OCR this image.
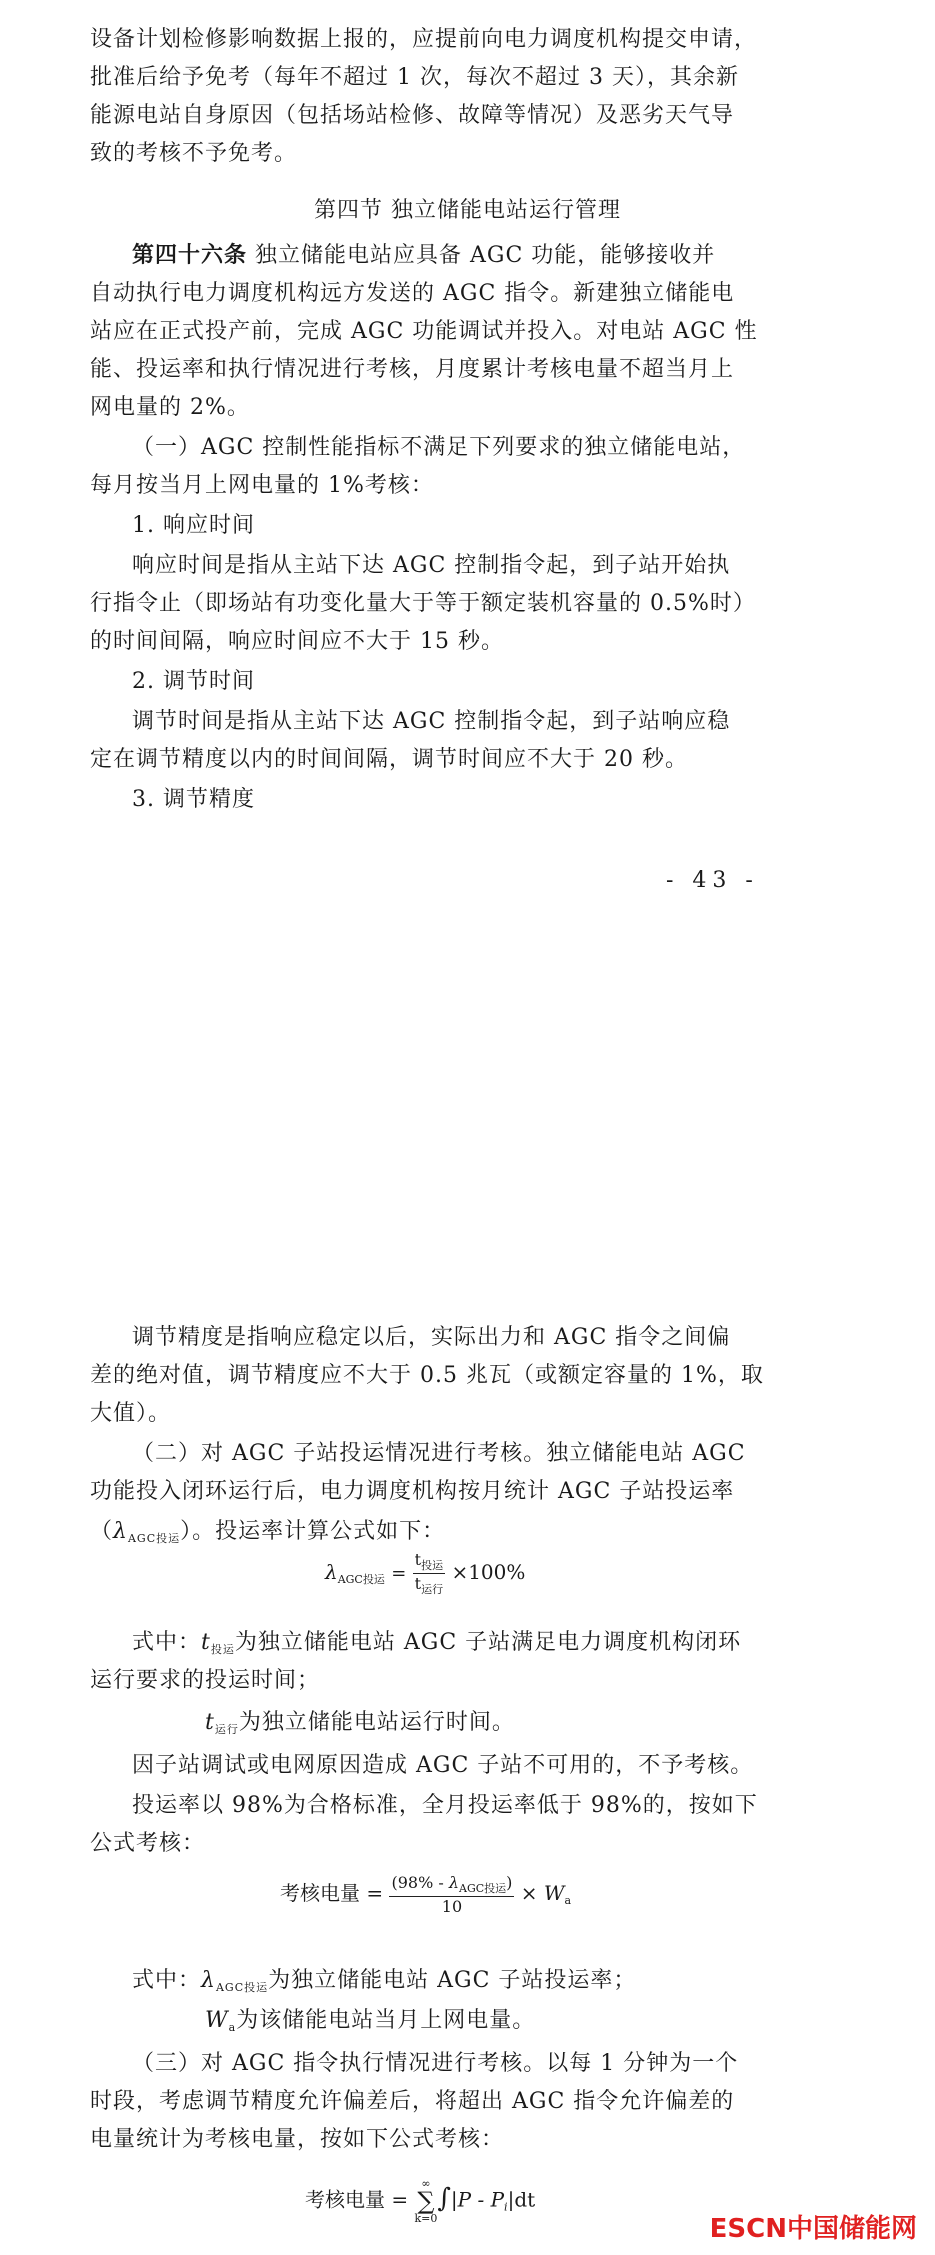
设备计划检修影响数据上报的，应提前向电力调度机构提交申请，
批准后给予免考（每年不超过 1 次，每次不超过 3 天），其余新
能源电站自身原因（包括场站检修、故障等情况）及恶劣天气导
致的考核不予免考。
第四节 独立储能电站运行管理
第四十六条 独立储能电站应具备 AGC 功能，能够接收并
自动执行电力调度机构远方发送的 AGC 指令。新建独立储能电
站应在正式投产前，完成 AGC 功能调试并投入。对电站 AGC 性
能、投运率和执行情况进行考核，月度累计考核电量不超当月上
网电量的 2%。
（一）AGC 控制性能指标不满足下列要求的独立储能电站，
每月按当月上网电量的 1%考核：
1. 响应时间
响应时间是指从主站下达 AGC 控制指令起，到子站开始执
行指令止（即场站有功变化量大于等于额定装机容量的 0.5%时）
的时间间隔，响应时间应不大于 15 秒。
2. 调节时间
调节时间是指从主站下达 AGC 控制指令起，到子站响应稳
定在调节精度以内的时间间隔，调节时间应不大于 20 秒。
3. 调节精度
- 43 -
调节精度是指响应稳定以后，实际出力和 AGC 指令之间偏
差的绝对值，调节精度应不大于 0.5 兆瓦（或额定容量的 1%，取
大值）。
（二）对 AGC 子站投运情况进行考核。独立储能电站 AGC
功能投入闭环运行后，电力调度机构按月统计 AGC 子站投运率
$(\lambda_{AGC投运})$。投运率计算公式如下：
$\lambda_{AGC投运} = \frac{t_{投运}}{t_{运行}} \times 100\%$
式中：$t_{投运}$为独立储能电站 AGC 子站满足电力调度机构闭环
运行要求的投运时间；
$t_{运行}$为独立储能电站运行时间。
因子站调试或电网原因造成 AGC 子站不可用的，不予考核。
投运率以 98%为合格标准，全月投运率低于 98%的，按如下
公式考核：
考核电量 = $\frac{(98\% - \lambda_{AGC投运})}{10} \times W_a$
式中：$\lambda_{AGC投运}$为独立储能电站 AGC 子站投运率；
$W_a$为该储能电站当月上网电量。
（三）对 AGC 指令执行情况进行考核。以每 1 分钟为一个
时段，考虑调节精度允许偏差后，将超出 AGC 指令允许偏差的
电量统计为考核电量，按如下公式考核：
考核电量 =
∞
∑
k=0
$\int|P - P_i|dt$
ESCN中国储能网
